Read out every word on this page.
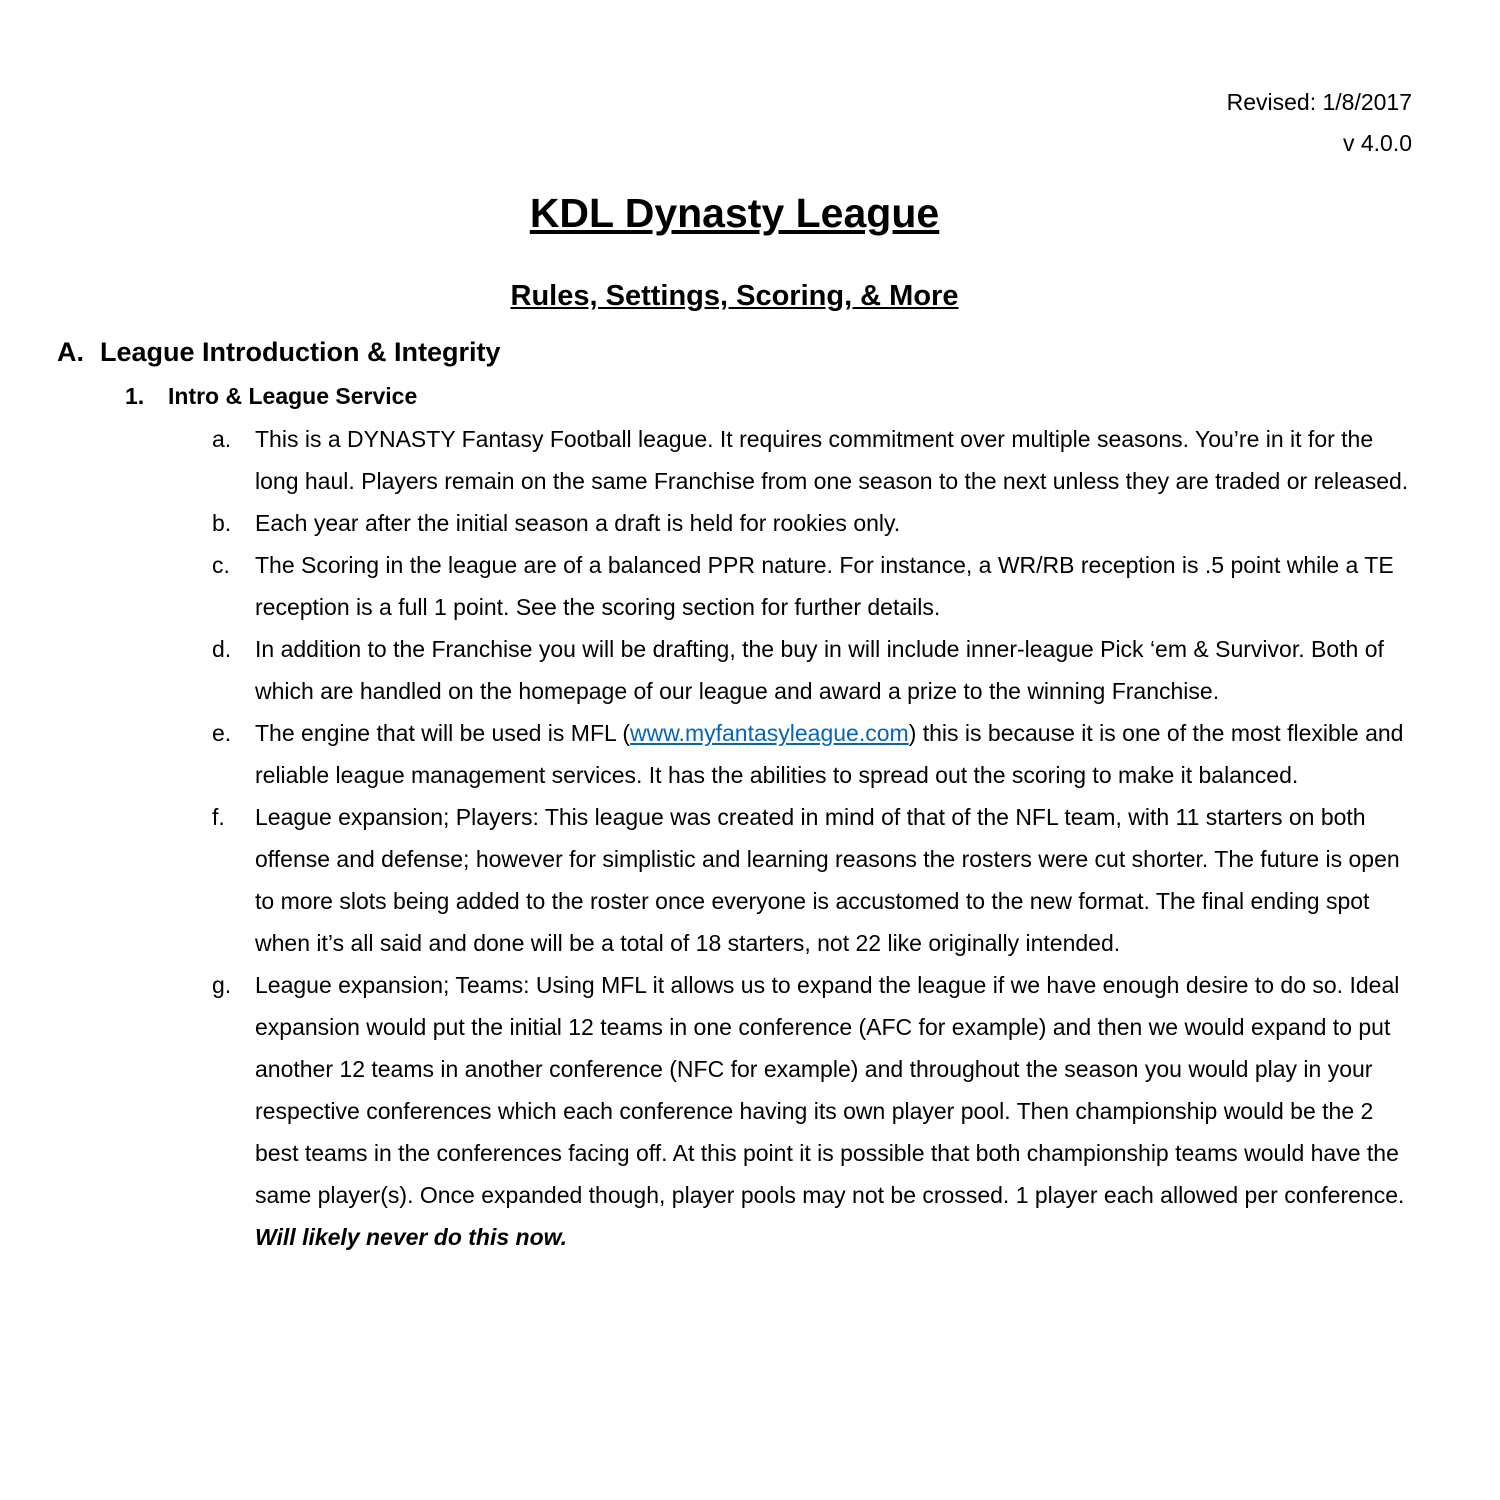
Revised: 1/8/2017
v 4.0.0
KDL Dynasty League
Rules, Settings, Scoring, & More
A. League Introduction & Integrity
1.	Intro & League Service
a.	This is a DYNASTY Fantasy Football league. It requires commitment over multiple seasons. You’re in it for the long haul. Players remain on the same Franchise from one season to the next unless they are traded or released.
b.	Each year after the initial season a draft is held for rookies only.
c.	The Scoring in the league are of a balanced PPR nature. For instance, a WR/RB reception is .5 point while a TE reception is a full 1 point. See the scoring section for further details.
d.	In addition to the Franchise you will be drafting, the buy in will include inner-league Pick ‘em & Survivor. Both of which are handled on the homepage of our league and award a prize to the winning Franchise.
e.	The engine that will be used is MFL (www.myfantasyleague.com) this is because it is one of the most flexible and reliable league management services. It has the abilities to spread out the scoring to make it balanced.
f.	League expansion; Players: This league was created in mind of that of the NFL team, with 11 starters on both offense and defense; however for simplistic and learning reasons the rosters were cut shorter. The future is open to more slots being added to the roster once everyone is accustomed to the new format. The final ending spot when it’s all said and done will be a total of 18 starters, not 22 like originally intended.
g.	League expansion; Teams: Using MFL it allows us to expand the league if we have enough desire to do so. Ideal expansion would put the initial 12 teams in one conference (AFC for example) and then we would expand to put another 12 teams in another conference (NFC for example) and throughout the season you would play in your respective conferences which each conference having its own player pool. Then championship would be the 2 best teams in the conferences facing off. At this point it is possible that both championship teams would have the same player(s). Once expanded though, player pools may not be crossed. 1 player each allowed per conference. Will likely never do this now.
